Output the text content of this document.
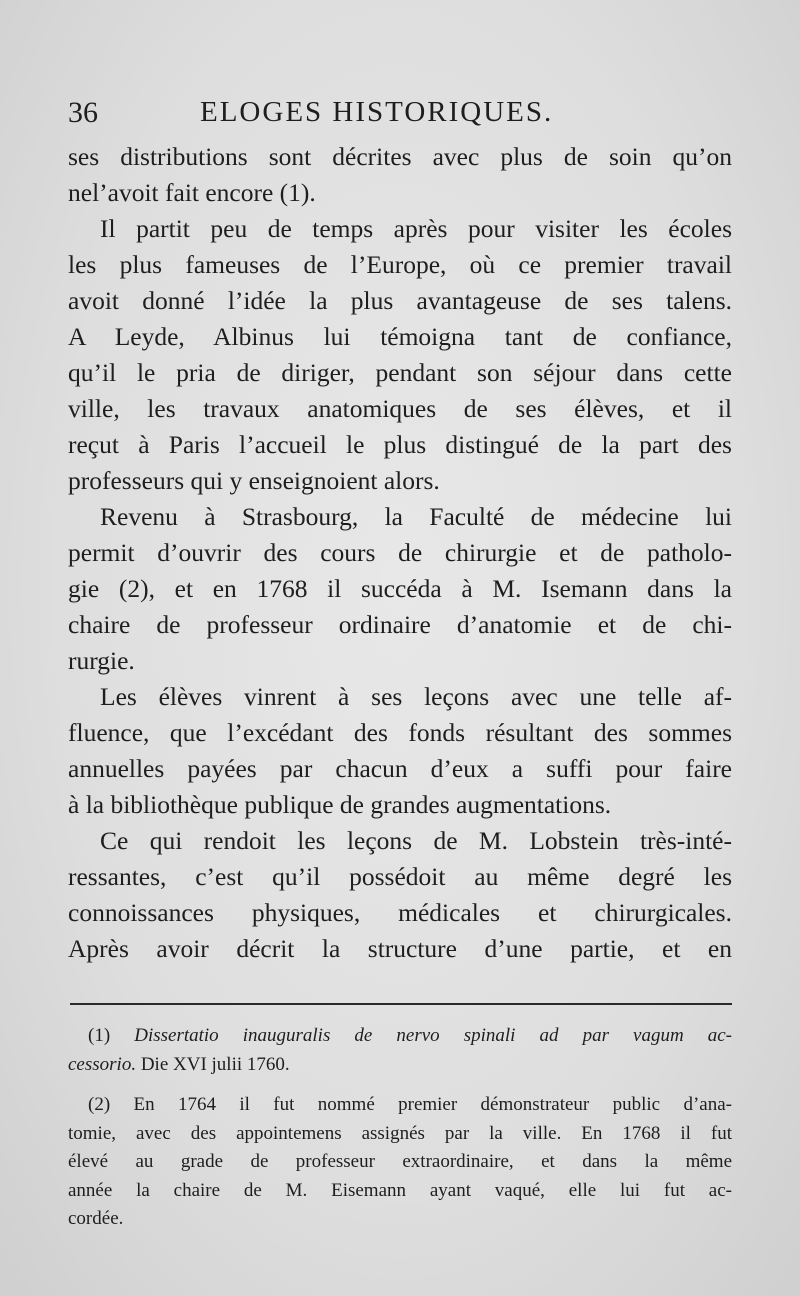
36	ELOGES HISTORIQUES.
ses distributions sont décrites avec plus de soin qu’on
nel’avoit fait encore (1).
Il partit peu de temps après pour visiter les écoles
les plus fameuses de l’Europe, où ce premier travail
avoit donné l’idée la plus avantageuse de ses talens.
A Leyde, Albinus lui témoigna tant de confiance,
qu’il le pria de diriger, pendant son séjour dans cette
ville, les travaux anatomiques de ses élèves, et il
reçut à Paris l’accueil le plus distingué de la part des
professeurs qui y enseignoient alors.
Revenu à Strasbourg, la Faculté de médecine lui
permit d’ouvrir des cours de chirurgie et de patholo-
gie (2), et en 1768 il succéda à M. Isemann dans la
chaire de professeur ordinaire d’anatomie et de chi-
rurgie.
Les élèves vinrent à ses leçons avec une telle af-
fluence, que l’excédant des fonds résultant des sommes
annuelles payées par chacun d’eux a suffi pour faire
à la bibliothèque publique de grandes augmentations.
Ce qui rendoit les leçons de M. Lobstein très-inté-
ressantes, c’est qu’il possédoit au même degré les
connoissances physiques, médicales et chirurgicales.
Après avoir décrit la structure d’une partie, et en
(1) Dissertatio inauguralis de nervo spinali ad par vagum ac-
cessorio. Die XVI julii 1760.
(2) En 1764 il fut nommé premier démonstrateur public d’ana-
tomie, avec des appointemens assignés par la ville. En 1768 il fut
élevé au grade de professeur extraordinaire, et dans la même
année la chaire de M. Eisemann ayant vaqué, elle lui fut ac-
cordée.
